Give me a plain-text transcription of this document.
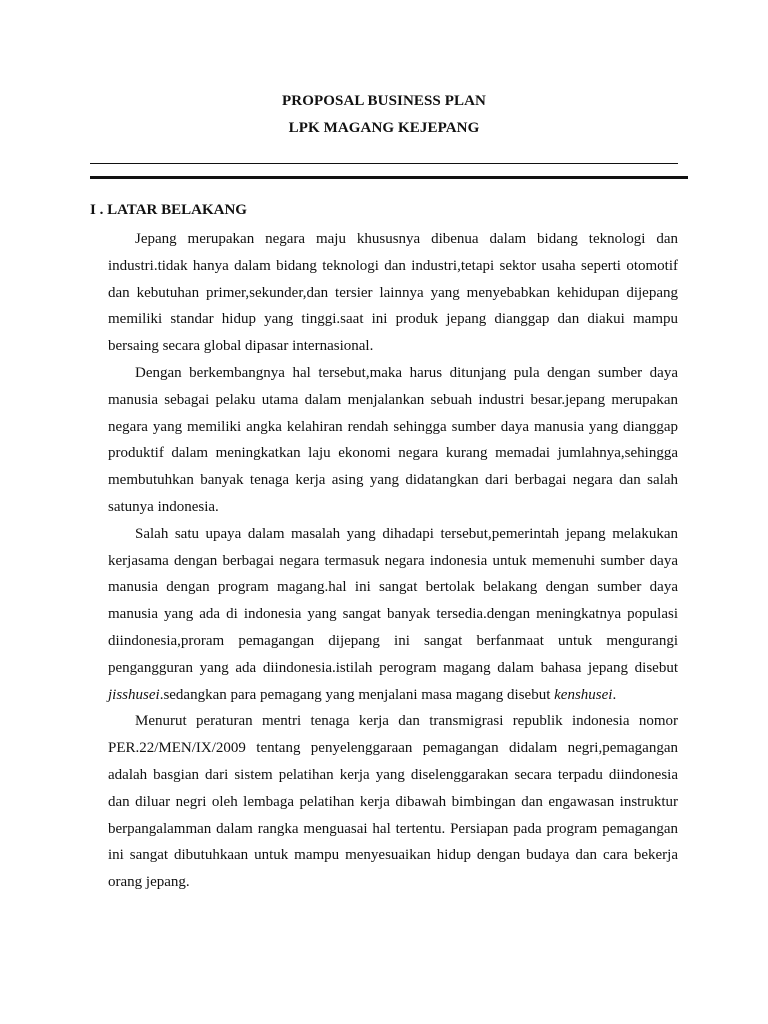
PROPOSAL BUSINESS PLAN
LPK MAGANG KEJEPANG
I . LATAR BELAKANG

Jepang merupakan negara maju khususnya dibenua dalam bidang teknologi dan industri.tidak hanya dalam bidang teknologi dan industri,tetapi sektor usaha seperti otomotif dan kebutuhan primer,sekunder,dan tersier lainnya yang menyebabkan kehidupan dijepang memiliki standar hidup yang tinggi.saat ini produk jepang dianggap dan diakui mampu bersaing secara global dipasar internasional.

Dengan berkembangnya hal tersebut,maka harus ditunjang pula dengan sumber daya manusia sebagai pelaku utama dalam menjalankan sebuah industri besar.jepang merupakan negara yang memiliki angka kelahiran rendah sehingga sumber daya manusia yang dianggap produktif dalam meningkatkan laju ekonomi negara kurang memadai jumlahnya,sehingga membutuhkan banyak tenaga kerja asing yang didatangkan dari berbagai negara dan salah satunya indonesia.

Salah satu upaya dalam masalah yang dihadapi tersebut,pemerintah jepang melakukan kerjasama dengan berbagai negara termasuk negara indonesia untuk memenuhi sumber daya manusia dengan program magang.hal ini sangat bertolak belakang dengan sumber daya manusia yang ada di indonesia yang sangat banyak tersedia.dengan meningkatnya populasi diindonesia,proram pemagangan dijepang ini sangat berfanmaat untuk mengurangi pengangguran yang ada diindonesia.istilah perogram magang dalam bahasa jepang disebut jisshusei.sedangkan para pemagang yang menjalani masa magang disebut kenshusei.

Menurut peraturan mentri tenaga kerja dan transmigrasi republik indonesia nomor PER.22/MEN/IX/2009 tentang penyelenggaraan pemagangan didalam negri,pemagangan adalah basgian dari sistem pelatihan kerja yang diselenggarakan secara terpadu diindonesia dan diluar negri oleh lembaga pelatihan kerja dibawah bimbingan dan engawasan instruktur berpangalamman dalam rangka menguasai hal tertentu. Persiapan pada program pemagangan ini sangat dibutuhkaan untuk mampu menyesuaikan hidup dengan budaya dan cara bekerja orang jepang.
